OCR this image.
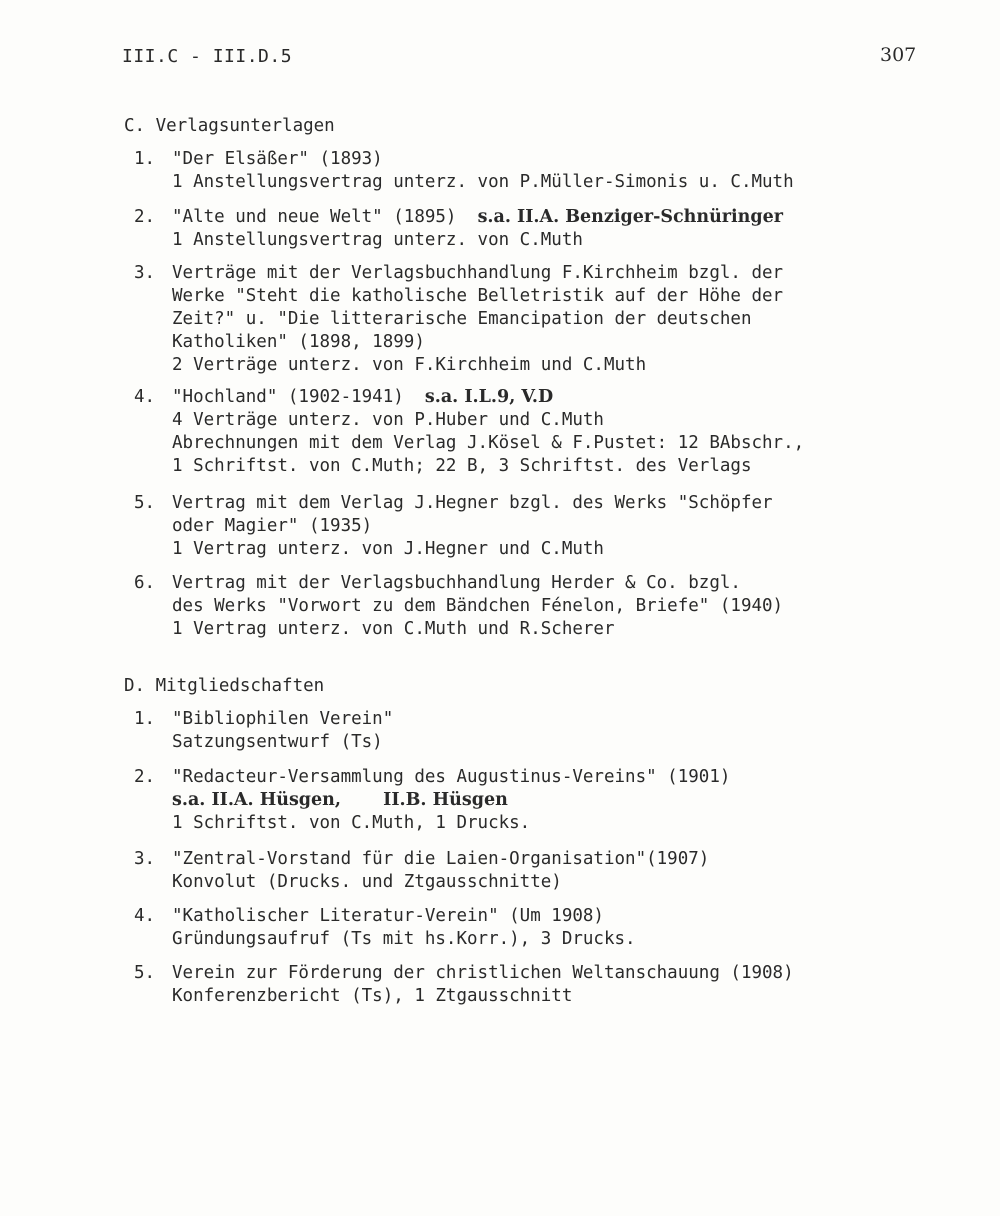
III.C - III.D.5	307
C. Verlagsunterlagen
1. "Der Elsäßer" (1893)
1 Anstellungsvertrag unterz. von P.Müller-Simonis u. C.Muth
2. "Alte und neue Welt" (1895) s.a. II.A. Benziger-Schnüringer
1 Anstellungsvertrag unterz. von C.Muth
3. Verträge mit der Verlagsbuchhandlung F.Kirchheim bzgl. der
Werke "Steht die katholische Belletristik auf der Höhe der
Zeit?" u. "Die litterarische Emancipation der deutschen
Katholiken" (1898, 1899)
2 Verträge unterz. von F.Kirchheim und C.Muth
4. "Hochland" (1902-1941) s.a. I.L.9, V.D
4 Verträge unterz. von P.Huber und C.Muth
Abrechnungen mit dem Verlag J.Kösel & F.Pustet: 12 BAbschr.,
1 Schriftst. von C.Muth; 22 B, 3 Schriftst. des Verlags
5. Vertrag mit dem Verlag J.Hegner bzgl. des Werks "Schöpfer
oder Magier" (1935)
1 Vertrag unterz. von J.Hegner und C.Muth
6. Vertrag mit der Verlagsbuchhandlung Herder & Co. bzgl.
des Werks "Vorwort zu dem Bändchen Fénelon, Briefe" (1940)
1 Vertrag unterz. von C.Muth und R.Scherer
D. Mitgliedschaften
1. "Bibliophilen Verein"
Satzungsentwurf (Ts)
2. "Redacteur-Versammlung des Augustinus-Vereins" (1901)
s.a. II.A. Hüsgen, II.B. Hüsgen
1 Schriftst. von C.Muth, 1 Drucks.
3. "Zentral-Vorstand für die Laien-Organisation"(1907)
Konvolut (Drucks. und Ztgausschnitte)
4. "Katholischer Literatur-Verein" (Um 1908)
Gründungsaufruf (Ts mit hs.Korr.), 3 Drucks.
5. Verein zur Förderung der christlichen Weltanschauung (1908)
Konferenzbericht (Ts), 1 Ztgausschnitt
